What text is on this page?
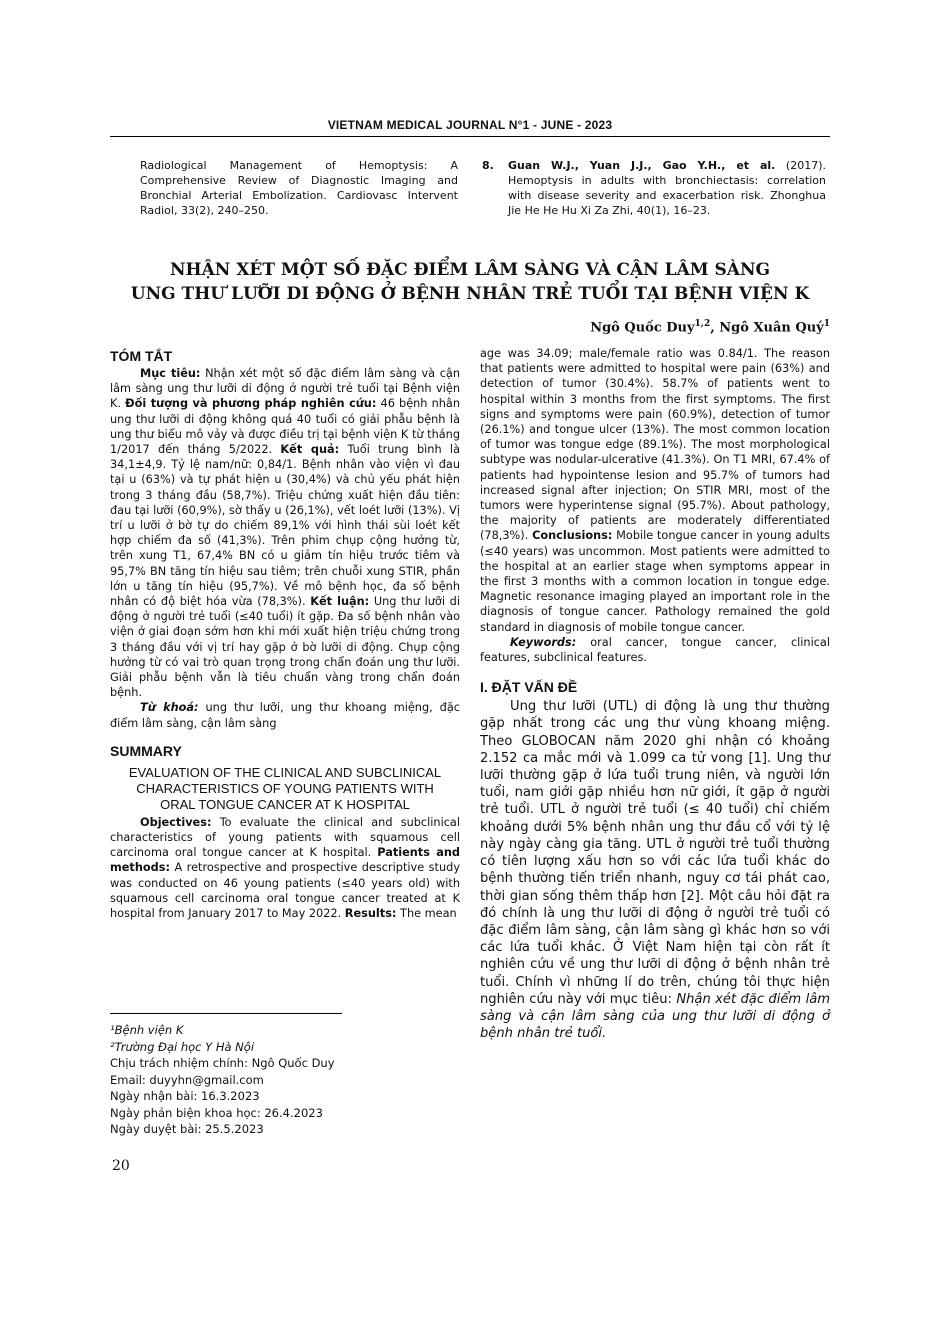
VIETNAM MEDICAL JOURNAL N°1 - JUNE - 2023
Radiological Management of Hemoptysis: A Comprehensive Review of Diagnostic Imaging and Bronchial Arterial Embolization. Cardiovasc Intervent Radiol, 33(2), 240–250.
8. Guan W.J., Yuan J.J., Gao Y.H., et al. (2017). Hemoptysis in adults with bronchiectasis: correlation with disease severity and exacerbation risk. Zhonghua Jie He He Hu Xi Za Zhi, 40(1), 16–23.
NHẬN XÉT MỘT SỐ ĐẶC ĐIỂM LÂM SÀNG VÀ CẬN LÂM SÀNG
UNG THƯ LƯỠI DI ĐỘNG Ở BỆNH NHÂN TRẺ TUỔI TẠI BỆNH VIỆN K
Ngô Quốc Duy$^{1,2}$, Ngô Xuân Quý$^1$
TÓM TẮT

Mục tiêu: Nhận xét một số đặc điểm lâm sàng và cận lâm sàng ung thư lưỡi di động ở người trẻ tuổi tại Bệnh viện K. Đối tượng và phương pháp nghiên cứu: 46 bệnh nhân ung thư lưỡi di động không quá 40 tuổi có giải phẫu bệnh là ung thư biểu mô vảy và được điều trị tại bệnh viện K từ tháng 1/2017 đến tháng 5/2022. Kết quả: Tuổi trung bình là 34,1±4,9. Tỷ lệ nam/nữ: 0,84/1. Bệnh nhân vào viện vì đau tại u (63%) và tự phát hiện u (30,4%) và chủ yếu phát hiện trong 3 tháng đầu (58,7%). Triệu chứng xuất hiện đầu tiên: đau tại lưỡi (60,9%), sờ thấy u (26,1%), vết loét lưỡi (13%). Vị trí u lưỡi ở bờ tự do chiếm 89,1% với hình thái sùi loét kết hợp chiếm đa số (41,3%). Trên phim chụp cộng hưởng từ, trên xung T1, 67,4% BN có u giảm tín hiệu trước tiêm và 95,7% BN tăng tín hiệu sau tiêm; trên chuỗi xung STIR, phần lớn u tăng tín hiệu (95,7%). Về mô bệnh học, đa số bệnh nhân có độ biệt hóa vừa (78,3%). Kết luận: Ung thư lưỡi di động ở người trẻ tuổi (≤40 tuổi) ít gặp. Đa số bệnh nhân vào viện ở giai đoạn sớm hơn khi mới xuất hiện triệu chứng trong 3 tháng đầu với vị trí hay gặp ở bờ lưỡi di động. Chụp cộng hưởng từ có vai trò quan trọng trong chẩn đoán ung thư lưỡi. Giải phẫu bệnh vẫn là tiêu chuẩn vàng trong chẩn đoán bệnh.

Từ khoá: ung thư lưỡi, ung thư khoang miệng, đặc điểm lâm sàng, cận lâm sàng

SUMMARY
EVALUATION OF THE CLINICAL AND SUBCLINICAL CHARACTERISTICS OF YOUNG PATIENTS WITH ORAL TONGUE CANCER AT K HOSPITAL

Objectives: To evaluate the clinical and subclinical characteristics of young patients with squamous cell carcinoma oral tongue cancer at K hospital. Patients and methods: A retrospective and prospective descriptive study was conducted on 46 young patients (≤40 years old) with squamous cell carcinoma oral tongue cancer treated at K hospital from January 2017 to May 2022. Results: The mean

¹Bệnh viện K
²Trường Đại học Y Hà Nội
Chịu trách nhiệm chính: Ngô Quốc Duy
Email: duyyhn@gmail.com
Ngày nhận bài: 16.3.2023
Ngày phản biện khoa học: 26.4.2023
Ngày duyệt bài: 25.5.2023
20

age was 34.09; male/female ratio was 0.84/1. The reason that patients were admitted to hospital were pain (63%) and detection of tumor (30.4%). 58.7% of patients went to hospital within 3 months from the first symptoms. The first signs and symptoms were pain (60.9%), detection of tumor (26.1%) and tongue ulcer (13%). The most common location of tumor was tongue edge (89.1%). The most morphological subtype was nodular-ulcerative (41.3%). On T1 MRI, 67.4% of patients had hypointense lesion and 95.7% of tumors had increased signal after injection; On STIR MRI, most of the tumors were hyperintense signal (95.7%). About pathology, the majority of patients are moderately differentiated (78,3%). Conclusions: Mobile tongue cancer in young adults (≤40 years) was uncommon. Most patients were admitted to the hospital at an earlier stage when symptoms appear in the first 3 months with a common location in tongue edge. Magnetic resonance imaging played an important role in the diagnosis of tongue cancer. Pathology remained the gold standard in diagnosis of mobile tongue cancer.

Keywords: oral cancer, tongue cancer, clinical features, subclinical features.

I. ĐẶT VẤN ĐỀ

Ung thư lưỡi (UTL) di động là ung thư thường gặp nhất trong các ung thư vùng khoang miệng. Theo GLOBOCAN năm 2020 ghi nhận có khoảng 2.152 ca mắc mới và 1.099 ca tử vong [1]. Ung thư lưỡi thường gặp ở lứa tuổi trung niên, và người lớn tuổi, nam giới gặp nhiều hơn nữ giới, ít gặp ở người trẻ tuổi. UTL ở người trẻ tuổi (≤ 40 tuổi) chỉ chiếm khoảng dưới 5% bệnh nhân ung thư đầu cổ với tỷ lệ này ngày càng gia tăng. UTL ở người trẻ tuổi thường có tiên lượng xấu hơn so với các lứa tuổi khác do bệnh thường tiến triển nhanh, nguy cơ tái phát cao, thời gian sống thêm thấp hơn [2]. Một câu hỏi đặt ra đó chính là ung thư lưỡi di động ở người trẻ tuổi có đặc điểm lâm sàng, cận lâm sàng gì khác hơn so với các lứa tuổi khác. Ở Việt Nam hiện tại còn rất ít nghiên cứu về ung thư lưỡi di động ở bệnh nhân trẻ tuổi. Chính vì những lí do trên, chúng tôi thực hiện nghiên cứu này với mục tiêu: Nhận xét đặc điểm lâm sàng và cận lâm sàng của ung thư lưỡi di động ở bệnh nhân trẻ tuổi.
